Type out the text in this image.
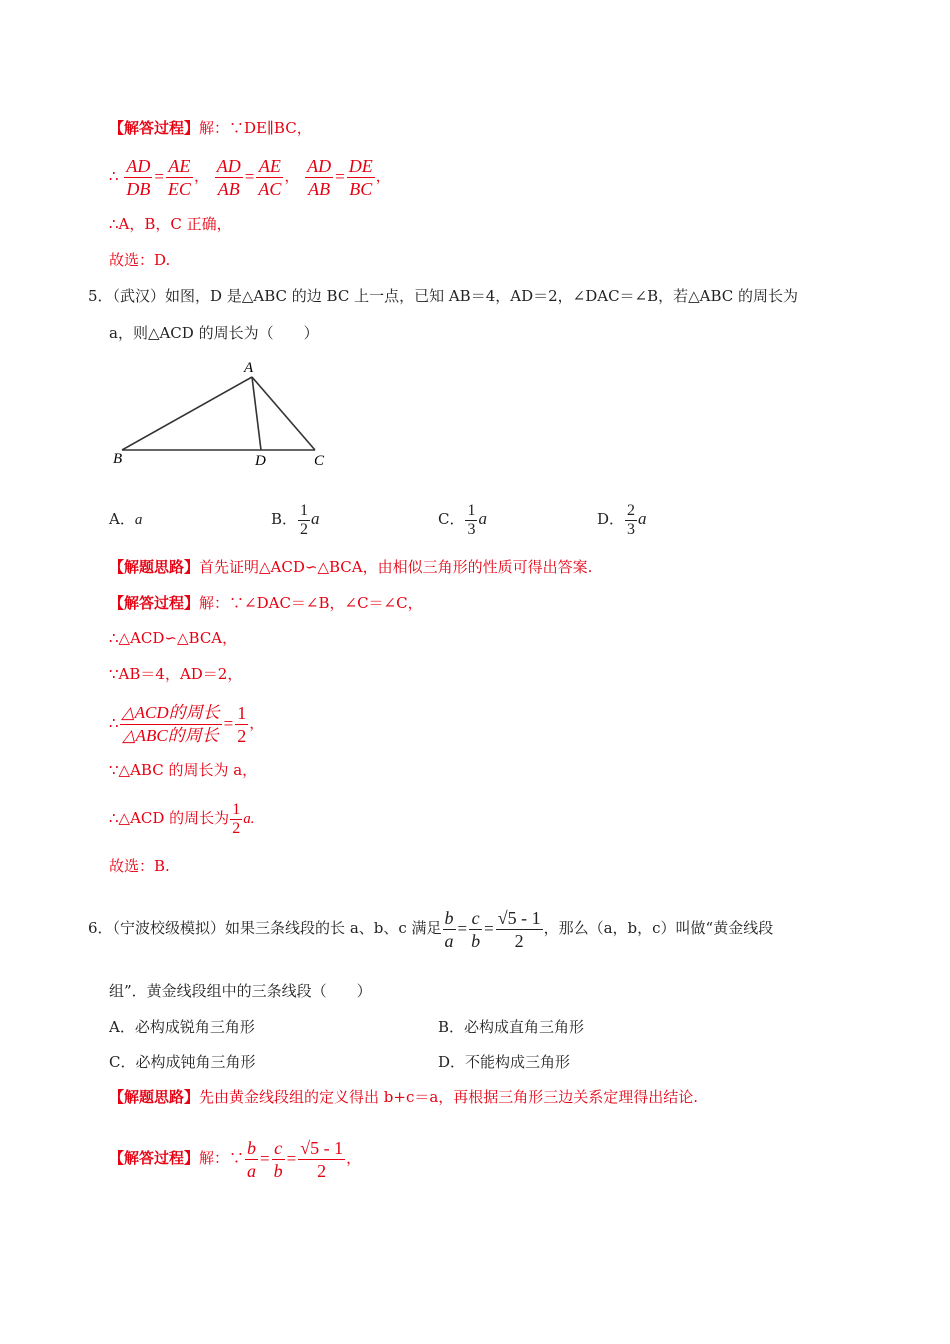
【解答过程】解：∵DE∥BC，
∴ $\frac{AD}{DB} = \frac{AE}{EC}$ ， $\frac{AD}{AB} = \frac{AE}{AC}$ ， $\frac{AD}{AB} = \frac{DE}{BC}$ ，
∴A，B，C 正确，
故选：D.
5．（武汉）如图，D 是△ABC 的边 BC 上一点，已知 AB＝4，AD＝2，∠DAC＝∠B，若△ABC 的周长为
a，则△ACD 的周长为（　　）
A
B	D	C
A．a	B． $\frac{1}{2}$ a	C． $\frac{1}{3}$ a	D． $\frac{2}{3}$ a
【解题思路】首先证明△ACD∽△BCA，由相似三角形的性质可得出答案.
【解答过程】解：∵∠DAC＝∠B，∠C＝∠C，
∴△ACD∽△BCA，
∵AB＝4，AD＝2，
∴ $\frac{\text{△ACD的周长}}{\text{△ABC的周长}} = \frac{1}{2}$ ，
∵△ABC 的周长为 a，
∴△ACD 的周长为 $\frac{1}{2} a$.
故选：B.
6．（宁波校级模拟）如果三条线段的长 a、b、c 满足 $\frac{b}{a} = \frac{c}{b} = \frac{√5 - 1}{2}$ ，那么（a，b，c）叫做“黄金线段
组”．黄金线段组中的三条线段（　　）
A．必构成锐角三角形	B．必构成直角三角形
C．必构成钝角三角形	D．不能构成三角形
【解题思路】先由黄金线段组的定义得出 b+c＝a，再根据三角形三边关系定理得出结论.
【解答过程】解：∵ $\frac{b}{a} = \frac{c}{b} = \frac{√5 - 1}{2}$ ，
